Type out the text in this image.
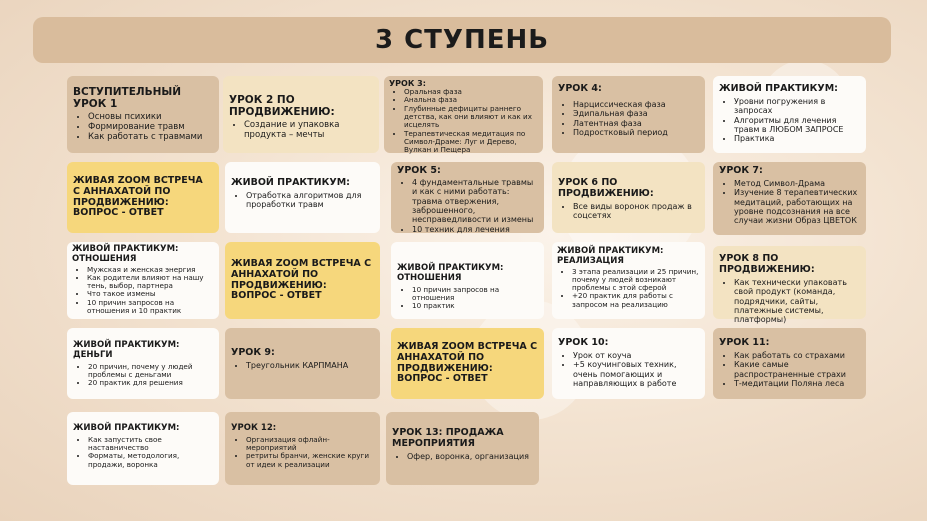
3 СТУПЕНЬ
ВСТУПИТЕЛЬНЫЙ УРОК 1
• Основы психики
• Формирование травм
• Как работать с травмами
УРОК 2 ПО ПРОДВИЖЕНИЮ:
• Создание и упаковка продукта – мечты
УРОК 3:
• Оральная фаза
• Анальна фаза
• Глубинные дефициты раннего детства, как они влияют и как их исцелять
• Терапевтическая медитация по Символ-Драме: Луг и Дерево, Вулкан и Пещера
УРОК 4:
• Нарциссическая фаза
• Эдипальная фаза
• Латентная фаза
• Подростковый период
ЖИВОЙ ПРАКТИКУМ:
• Уровни погружения в запросах
• Алгоритмы для лечения травм в ЛЮБОМ ЗАПРОСЕ
• Практика
ЖИВАЯ ZOOM ВСТРЕЧА С АННАХАТОЙ ПО ПРОДВИЖЕНИЮ: ВОПРОС - ОТВЕТ
ЖИВОЙ ПРАКТИКУМ:
• Отработка алгоритмов для проработки травм
УРОК 5:
• 4 фундаментальные травмы и как с ними работать: травма отвержения, заброшенного, несправедливости и измены
• 10 техник для лечения
УРОК 6 ПО ПРОДВИЖЕНИЮ:
• Все виды воронок продаж в соцсетях
УРОК 7:
• Метод Символ-Драма
• Изучение 8 терапевтических медитаций, работающих на уровне подсознания на все случаи жизни Образ ЦВЕТОК
ЖИВОЙ ПРАКТИКУМ: ОТНОШЕНИЯ
• Мужская и женская энергия
• Как родители влияют на нашу тень, выбор, партнера
• Что такое измены
• 10 причин запросов на отношения и 10 практик
ЖИВАЯ ZOOM ВСТРЕЧА С АННАХАТОЙ ПО ПРОДВИЖЕНИЮ: ВОПРОС - ОТВЕТ
ЖИВОЙ ПРАКТИКУМ: ОТНОШЕНИЯ
• 10 причин запросов на отношения
• 10 практик
ЖИВОЙ ПРАКТИКУМ: РЕАЛИЗАЦИЯ
• 3 этапа реализации и 25 причин, почему у людей возникают проблемы с этой сферой
• +20 практик для работы с запросом на реализацию
УРОК 8 ПО ПРОДВИЖЕНИЮ:
• Как технически упаковать свой продукт (команда, подрядчики, сайты, платежные системы, платформы)
ЖИВОЙ ПРАКТИКУМ: ДЕНЬГИ
• 20 причин, почему у людей проблемы с деньгами
• 20 практик для решения
УРОК 9:
• Треугольник КАРПМАНА
ЖИВАЯ ZOOM ВСТРЕЧА С АННАХАТОЙ ПО ПРОДВИЖЕНИЮ: ВОПРОС - ОТВЕТ
УРОК 10:
• Урок от коуча
• +5 коучинговых техник, очень помогающих и направляющих в работе
УРОК 11:
• Как работать со страхами
• Какие самые распространенные страхи
• Т-медитации Поляна леса
ЖИВОЙ ПРАКТИКУМ:
• Как запустить свое наставничество
• Форматы, методология, продажи, воронка
УРОК 12:
• Организация офлайн-мероприятий
• ретриты бранчи, женские круги от идеи к реализации
УРОК 13: ПРОДАЖА МЕРОПРИЯТИЯ
• Офер, воронка, организация
